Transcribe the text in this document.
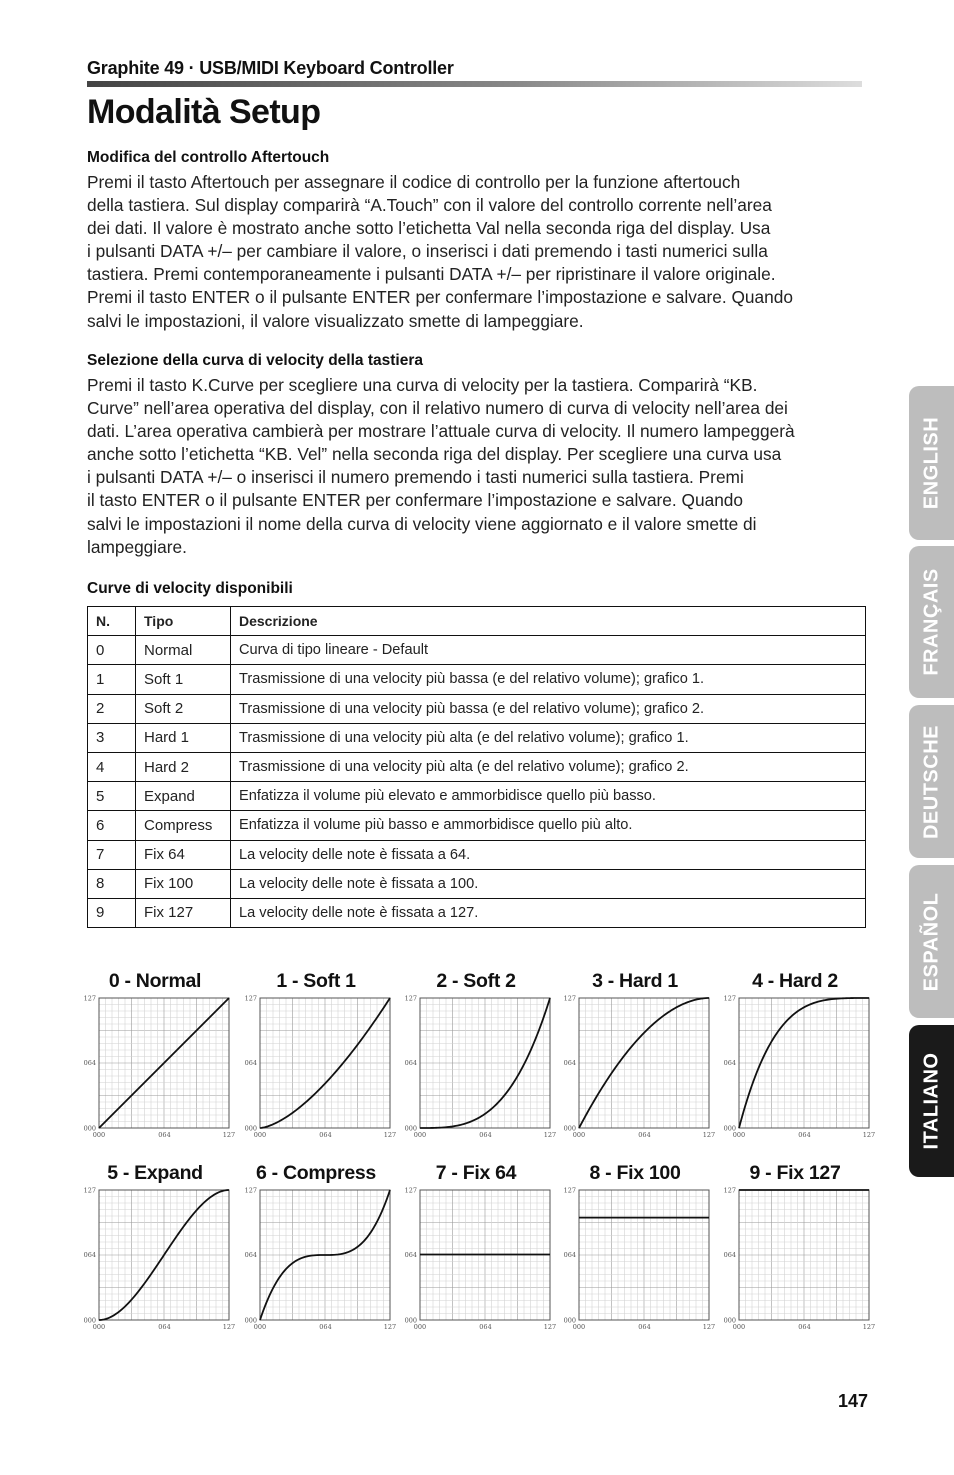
Graphite 49 · USB/MIDI Keyboard Controller
Modalità Setup
Modifica del controllo Aftertouch
Premi il tasto Aftertouch per assegnare il codice di controllo per la funzione aftertouch
della tastiera. Sul display comparirà “A.Touch” con il valore del controllo corrente nell’area
dei dati. Il valore è mostrato anche sotto l’etichetta Val nella seconda riga del display. Usa
i pulsanti DATA +/– per cambiare il valore, o inserisci i dati premendo i tasti numerici sulla
tastiera. Premi contemporaneamente i pulsanti DATA +/– per ripristinare il valore originale.
Premi il tasto ENTER o il pulsante ENTER per confermare l’impostazione e salvare. Quando
salvi le impostazioni, il valore visualizzato smette di lampeggiare.
Selezione della curva di velocity della tastiera
Premi il tasto K.Curve per scegliere una curva di velocity per la tastiera. Comparirà “KB.
Curve” nell’area operativa del display, con il relativo numero di curva di velocity nell’area dei
dati. L’area operativa cambierà per mostrare l’attuale curva di velocity. Il numero lampeggerà
anche sotto l’etichetta “KB. Vel” nella seconda riga del display. Per scegliere una curva usa
i pulsanti DATA +/– o inserisci il numero premendo i tasti numerici sulla tastiera. Premi
il tasto ENTER o il pulsante ENTER per confermare l’impostazione e salvare. Quando
salvi le impostazioni il nome della curva di velocity viene aggiornato e il valore smette di
lampeggiare.
Curve di velocity disponibili
N.	Tipo	Descrizione
0	Normal	Curva di tipo lineare - Default
1	Soft 1	Trasmissione di una velocity più bassa (e del relativo volume); grafico 1.
2	Soft 2	Trasmissione di una velocity più bassa (e del relativo volume); grafico 2.
3	Hard 1	Trasmissione di una velocity più alta (e del relativo volume); grafico 1.
4	Hard 2	Trasmissione di una velocity più alta (e del relativo volume); grafico 2.
5	Expand	Enfatizza il volume più elevato e ammorbidisce quello più basso.
6	Compress	Enfatizza il volume più basso e ammorbidisce quello più alto.
7	Fix 64	La velocity delle note è fissata a 64.
8	Fix 100	La velocity delle note è fissata a 100.
9	Fix 127	La velocity delle note è fissata a 127.
0 - Normal
000
000
064
064
127
127
1 - Soft 1
000
000
064
064
127
127
2 - Soft 2
000
000
064
064
127
127
3 - Hard 1
000
000
064
064
127
127
4 - Hard 2
000
000
064
064
127
127
5 - Expand
000
000
064
064
127
127
6 - Compress
000
000
064
064
127
127
7 - Fix 64
000
000
064
064
127
127
8 - Fix 100
000
000
064
064
127
127
9 - Fix 127
000
000
064
064
127
127
ENGLISH
FRANÇAIS
DEUTSCHE
ESPAÑOL
ITALIANO
147
